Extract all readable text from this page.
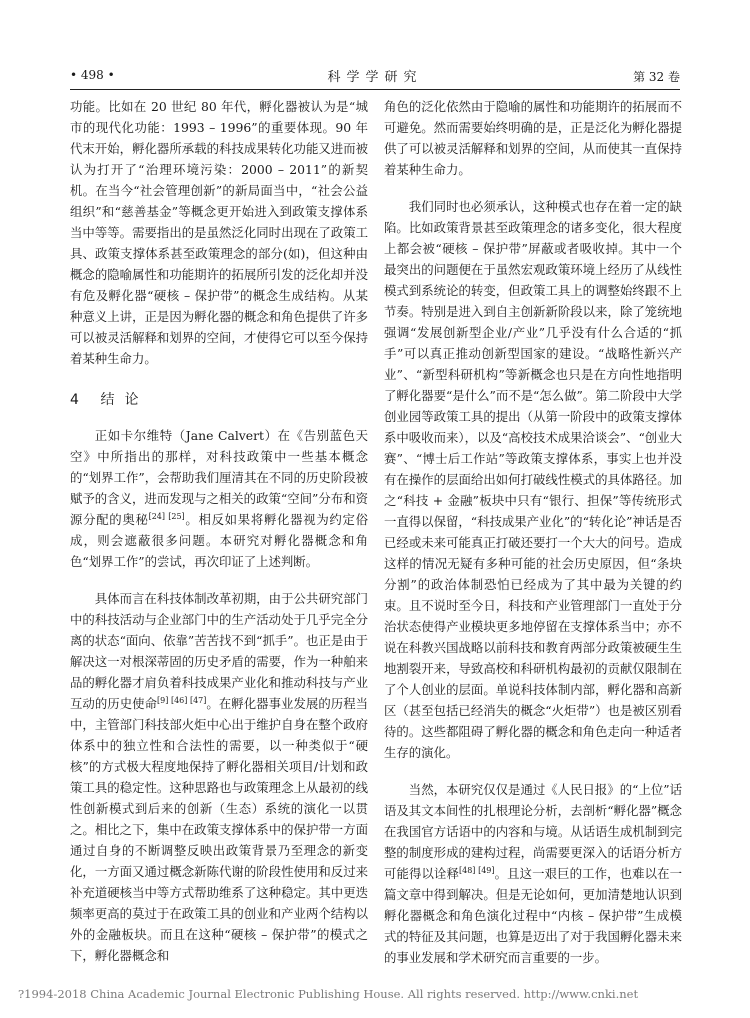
• 498 •	科学学研究	第 32 卷

功能。比如在 20 世纪 80 年代，孵化器被认为是“城市的现代化功能：1993 – 1996”的重要体现。90 年代末开始，孵化器所承载的科技成果转化功能又进而被认为打开了“治理环境污染：2000 – 2011”的新契机。在当今“社会管理创新”的新局面当中，“社会公益组织”和“慈善基金”等概念更开始进入到政策支撑体系当中等等。需要指出的是虽然泛化同时出现在了政策工具、政策支撑体系甚至政策理念的部分(如)，但这种由概念的隐喻属性和功能期许的拓展所引发的泛化却并没有危及孵化器“硬核 – 保护带”的概念生成结构。从某种意义上讲，正是因为孵化器的概念和角色提供了许多可以被灵活解释和划界的空间，才使得它可以至今保持着某种生命力。

4 结论

正如卡尔维特（Jane Calvert）在《告别蓝色天空》中所指出的那样，对科技政策中一些基本概念的“划界工作”，会帮助我们厘清其在不同的历史阶段被赋予的含义，进而发现与之相关的政策“空间”分布和资源分配的奥秘[24] [25]。相反如果将孵化器视为约定俗成，则会遮蔽很多问题。本研究对孵化器概念和角色“划界工作”的尝试，再次印证了上述判断。

具体而言在科技体制改革初期，由于公共研究部门中的科技活动与企业部门中的生产活动处于几乎完全分离的状态“面向、依靠”苦苦找不到“抓手”。也正是由于解决这一对根深蒂固的历史矛盾的需要，作为一种舶来品的孵化器才肩负着科技成果产业化和推动科技与产业互动的历史使命[9] [46] [47]。在孵化器事业发展的历程当中，主管部门科技部火炬中心出于维护自身在整个政府体系中的独立性和合法性的需要，以一种类似于“硬核”的方式极大程度地保持了孵化器相关项目/计划和政策工具的稳定性。这种思路也与政策理念上从最初的线性创新模式到后来的创新（生态）系统的演化一以贯之。相比之下，集中在政策支撑体系中的保护带一方面通过自身的不断调整反映出政策背景乃至理念的新变化，一方面又通过概念新陈代谢的阶段性使用和反过来补充道硬核当中等方式帮助维系了这种稳定。其中更迭频率更高的莫过于在政策工具的创业和产业两个结构以外的金融板块。而且在这种“硬核 – 保护带”的模式之下，孵化器概念和

角色的泛化依然由于隐喻的属性和功能期许的拓展而不可避免。然而需要始终明确的是，正是泛化为孵化器提供了可以被灵活解释和划界的空间，从而使其一直保持着某种生命力。

我们同时也必须承认，这种模式也存在着一定的缺陷。比如政策背景甚至政策理念的诸多变化，很大程度上都会被“硬核 – 保护带”屏蔽或者吸收掉。其中一个最突出的问题便在于虽然宏观政策环境上经历了从线性模式到系统论的转变，但政策工具上的调整始终跟不上节奏。特别是进入到自主创新新阶段以来，除了笼统地强调“发展创新型企业/产业”几乎没有什么合适的“抓手”可以真正推动创新型国家的建设。“战略性新兴产业”、“新型科研机构”等新概念也只是在方向性地指明了孵化器要“是什么”而不是“怎么做”。第二阶段中大学创业园等政策工具的提出（从第一阶段中的政策支撑体系中吸收而来），以及“高校技术成果洽谈会”、“创业大赛”、“博士后工作站”等政策支撑体系，事实上也并没有在操作的层面给出如何打破线性模式的具体路径。加之“科技 + 金融”板块中只有“银行、担保”等传统形式一直得以保留，“科技成果产业化”的“转化论”神话是否已经或未来可能真正打破还要打一个大大的问号。造成这样的情况无疑有多种可能的社会历史原因，但“条块分割”的政治体制恐怕已经成为了其中最为关键的约束。且不说时至今日，科技和产业管理部门一直处于分治状态使得产业模块更多地停留在支撑体系当中；亦不说在科教兴国战略以前科技和教育两部分政策被硬生生地割裂开来，导致高校和科研机构最初的贡献仅限制在了个人创业的层面。单说科技体制内部，孵化器和高新区（甚至包括已经消失的概念“火炬带”）也是被区别看待的。这些都阻碍了孵化器的概念和角色走向一种适者生存的演化。

当然，本研究仅仅是通过《人民日报》的“上位”话语及其文本间性的扎根理论分析，去剖析“孵化器”概念在我国官方话语中的内容和与境。从话语生成机制到完整的制度形成的建构过程，尚需要更深入的话语分析方可能得以诠释[48] [49]。且这一艰巨的工作，也难以在一篇文章中得到解决。但是无论如何，更加清楚地认识到孵化器概念和角色演化过程中“内核 – 保护带”生成模式的特征及其问题，也算是迈出了对于我国孵化器未来的事业发展和学术研究而言重要的一步。

?1994-2018 China Academic Journal Electronic Publishing House. All rights reserved. http://www.cnki.net
